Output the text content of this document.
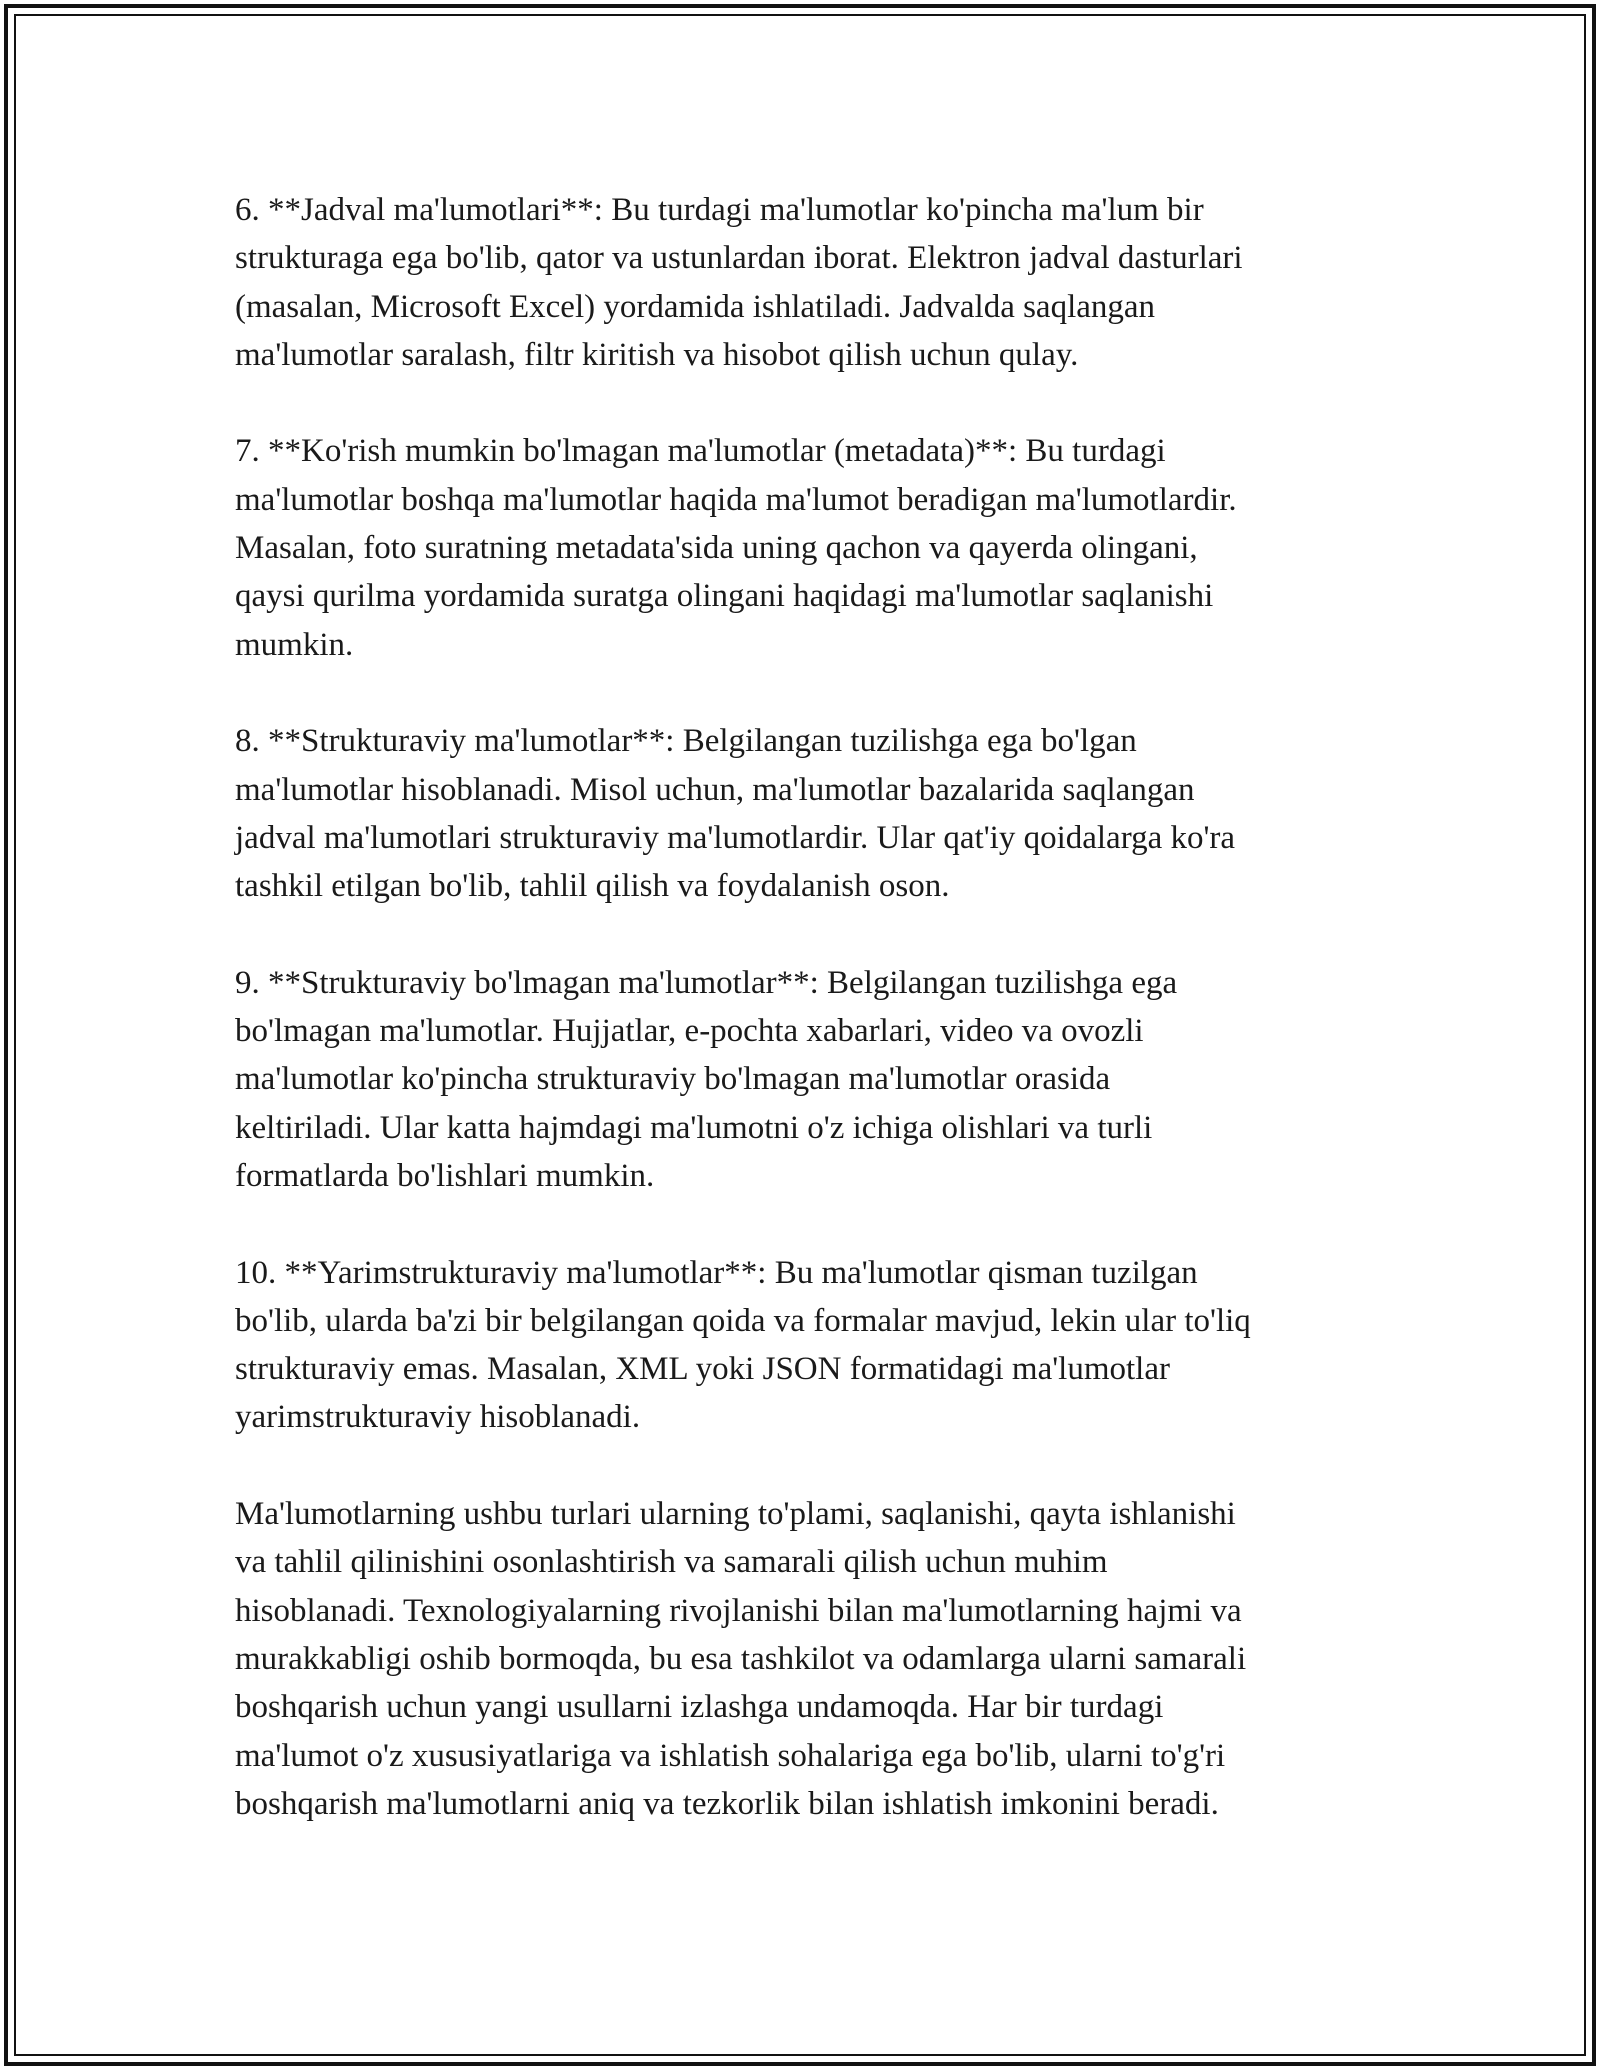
6. **Jadval ma'lumotlari**: Bu turdagi ma'lumotlar ko'pincha ma'lum bir
strukturaga ega bo'lib, qator va ustunlardan iborat. Elektron jadval dasturlari
(masalan, Microsoft Excel) yordamida ishlatiladi. Jadvalda saqlangan
ma'lumotlar saralash, filtr kiritish va hisobot qilish uchun qulay.

7. **Ko'rish mumkin bo'lmagan ma'lumotlar (metadata)**: Bu turdagi
ma'lumotlar boshqa ma'lumotlar haqida ma'lumot beradigan ma'lumotlardir.
Masalan, foto suratning metadata'sida uning qachon va qayerda olingani,
qaysi qurilma yordamida suratga olingani haqidagi ma'lumotlar saqlanishi
mumkin.

8. **Strukturaviy ma'lumotlar**: Belgilangan tuzilishga ega bo'lgan
ma'lumotlar hisoblanadi. Misol uchun, ma'lumotlar bazalarida saqlangan
jadval ma'lumotlari strukturaviy ma'lumotlardir. Ular qat'iy qoidalarga ko'ra
tashkil etilgan bo'lib, tahlil qilish va foydalanish oson.

9. **Strukturaviy bo'lmagan ma'lumotlar**: Belgilangan tuzilishga ega
bo'lmagan ma'lumotlar. Hujjatlar, e-pochta xabarlari, video va ovozli
ma'lumotlar ko'pincha strukturaviy bo'lmagan ma'lumotlar orasida
keltiriladi. Ular katta hajmdagi ma'lumotni o'z ichiga olishlari va turli
formatlarda bo'lishlari mumkin.

10. **Yarimstrukturaviy ma'lumotlar**: Bu ma'lumotlar qisman tuzilgan
bo'lib, ularda ba'zi bir belgilangan qoida va formalar mavjud, lekin ular to'liq
strukturaviy emas. Masalan, XML yoki JSON formatidagi ma'lumotlar
yarimstrukturaviy hisoblanadi.

Ma'lumotlarning ushbu turlari ularning to'plami, saqlanishi, qayta ishlanishi
va tahlil qilinishini osonlashtirish va samarali qilish uchun muhim
hisoblanadi. Texnologiyalarning rivojlanishi bilan ma'lumotlarning hajmi va
murakkabligi oshib bormoqda, bu esa tashkilot va odamlarga ularni samarali
boshqarish uchun yangi usullarni izlashga undamoqda. Har bir turdagi
ma'lumot o'z xususiyatlariga va ishlatish sohalariga ega bo'lib, ularni to'g'ri
boshqarish ma'lumotlarni aniq va tezkorlik bilan ishlatish imkonini beradi.
